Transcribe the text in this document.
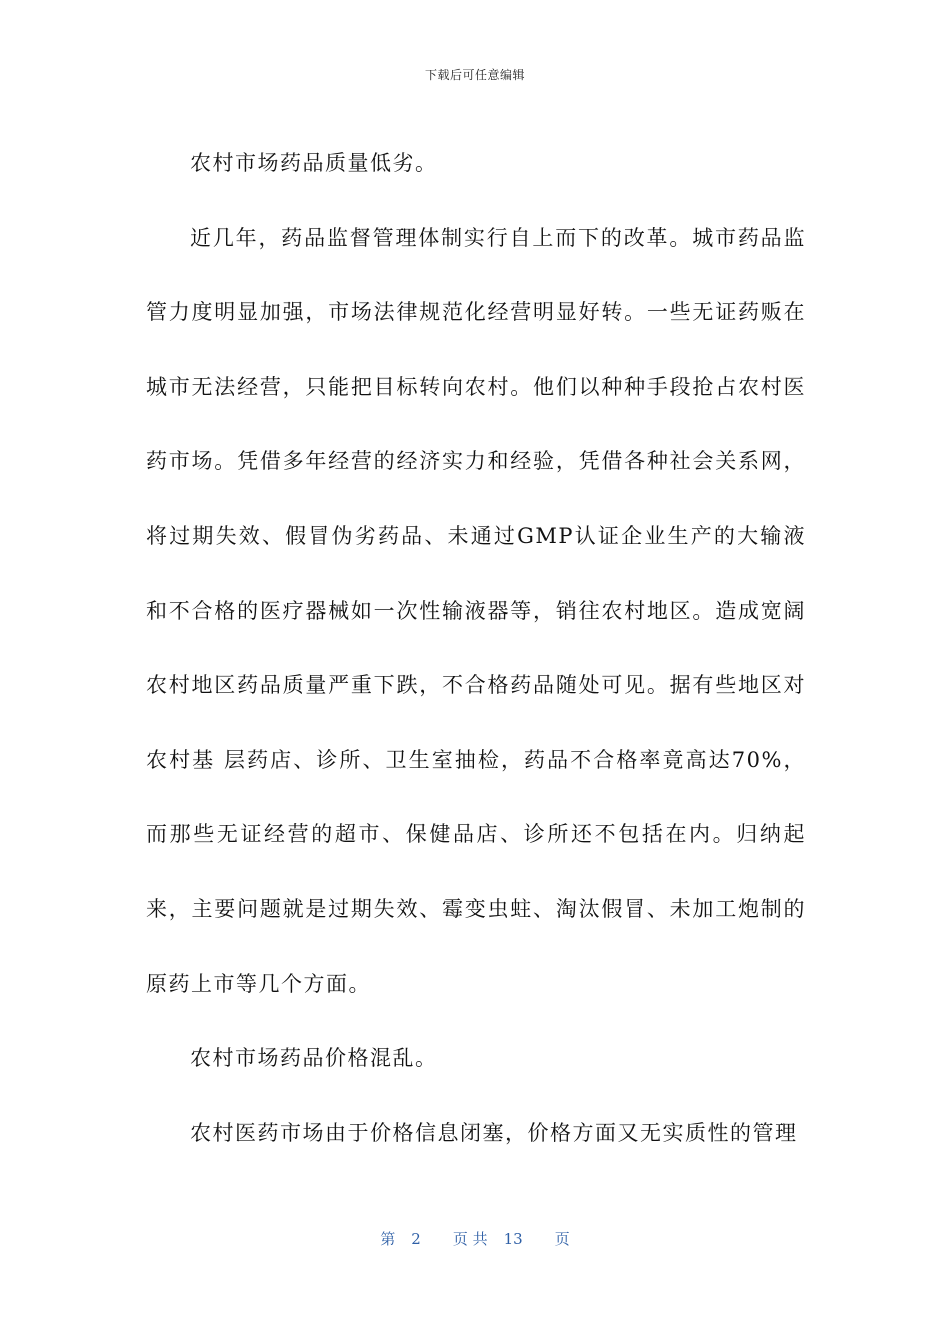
下载后可任意编辑

农村市场药品质量低劣。

近几年，药品监督管理体制实行自上而下的改革。城市药品监管力度明显加强，市场法律规范化经营明显好转。一些无证药贩在城市无法经营，只能把目标转向农村。他们以种种手段抢占农村医药市场。凭借多年经营的经济实力和经验，凭借各种社会关系网，将过期失效、假冒伪劣药品、未通过GMP认证企业生产的大输液和不合格的医疗器械如一次性输液器等，销往农村地区。造成宽阔农村地区药品质量严重下跌，不合格药品随处可见。据有些地区对农村基 层药店、诊所、卫生室抽检，药品不合格率竟高达70%，而那些无证经营的超市、保健品店、诊所还不包括在内。归纳起来，主要问题就是过期失效、霉变虫蛀、淘汰假冒、未加工炮制的原药上市等几个方面。

农村市场药品价格混乱。

农村医药市场由于价格信息闭塞，价格方面又无实质性的管理

第 2 页 共 13 页
